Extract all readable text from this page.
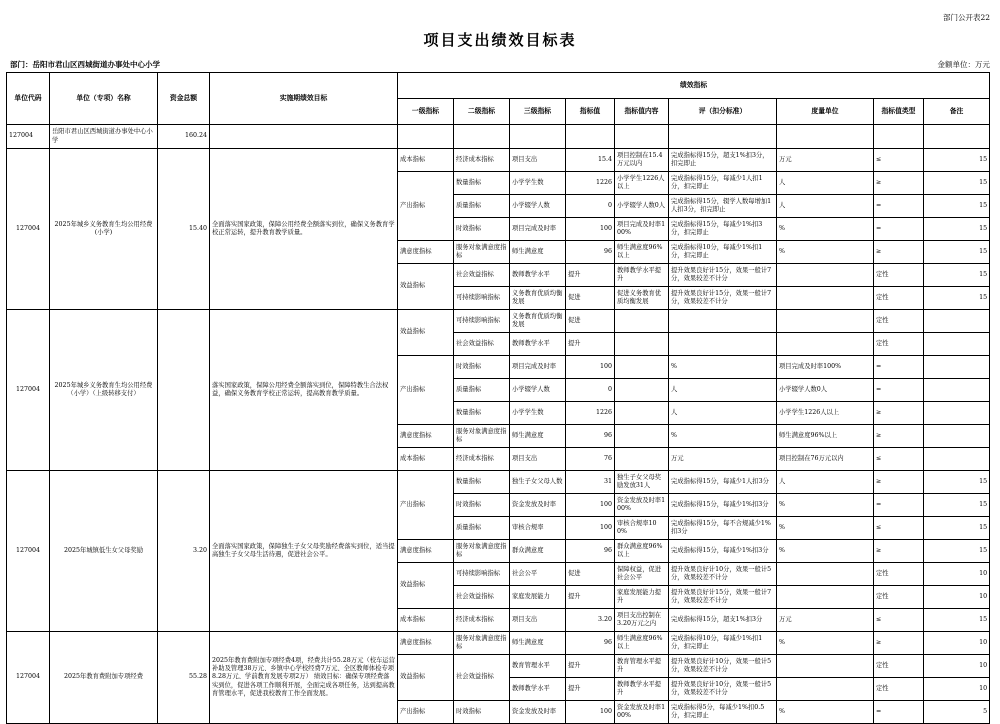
部门公开表22
项目支出绩效目标表
部门：岳阳市君山区西城街道办事处中心小学	金额单位：万元
单位代码	单位（专项）名称	资金总额	实施期绩效目标	绩效指标								
				一级指标	二级指标	三级指标	指标值	指标值内容	评（扣分标准）	度量单位	指标值类型	备注
127004	岳阳市君山区西城街道办事处中心小学	160.24										
127004	2025年城乡义务教育生均公用经费(小学)	15.40	全面落实国家政策，保障公用经费全额落实到位，确保义务教育学校正常运转，提升教育教学质量。	成本指标	经济成本指标	项目支出	15.4	项目控制在15.4万元以内	完成指标得15分，超支1%扣3分，扣完即止	万元	≤	15
				产出指标	数量指标	小学学生数	1226	小学学生1226人以上	完成指标得15分，每减少1人扣1分，扣完即止	人	≥	15
					质量指标	小学辍学人数	0	小学辍学人数0人	完成指标得15分，辍学人数每增加1人扣3分，扣完即止	人	=	15
					时效指标	项目完成及时率	100	项目完成及时率100%	完成指标得15分，每减少1%扣3分，扣完即止	%	=	15
				满意度指标	服务对象满意度指标	师生满意度	96	师生满意度96%以上	完成指标得10分，每减少1%扣1分，扣完即止	%	≥	15
				效益指标	社会效益指标	教师教学水平	提升	教师教学水平提升	提升效果良好计15分，效果一般计7分，效果较差不计分		定性	15
					可持续影响指标	义务教育优质均衡发展	促进	促进义务教育优质均衡发展	提升效果良好计15分，效果一般计7分，效果较差不计分		定性	15
127004	2025年城乡义务教育生均公用经费（小学）（上级转移支付）		落实国家政策，保障公用经费全额落实到位，保障特教生合法权益，确保义务教育学校正常运转，提高教育教学质量。	效益指标	可持续影响指标	义务教育优质均衡发展	促进				定性	
					社会效益指标	教师教学水平	提升				定性	
				产出指标	时效指标	项目完成及时率	100		%	项目完成及时率100%	=	
					质量指标	小学辍学人数	0		人	小学辍学人数0人	=	
					数量指标	小学学生数	1226		人	小学学生1226人以上	≥	
				满意度指标	服务对象满意度指标	师生满意度	96		%	师生满意度96%以上	≥	
				成本指标	经济成本指标	项目支出	76		万元	项目控制在76万元以内	≤	
127004	2025年城镇低生女父母奖励	3.20	全面落实国家政策，保障独生子女父母奖励经费落实到位，适当提高独生子女父母生活待遇，促进社会公平。	产出指标	数量指标	独生子女父母人数	31	独生子女父母奖励发放31人	完成指标得15分，每减少1人扣3分	人	≥	15
					时效指标	资金发放及时率	100	资金发放及时率100%	完成指标得15分，每减少1%扣3分	%	=	15
					质量指标	审核合规率	100	审核合规率100%	完成指标得15分，每不合规减少1%扣3分	%	≤	15
				满意度指标	服务对象满意度指标	群众满意度	96	群众满意度96%以上	完成指标得15分，每减少1%扣3分	%	≥	15
				效益指标	可持续影响指标	社会公平	促进	保障权益，促进社会公平	提升效果良好计10分，效果一般计5分，效果较差不计分		定性	10
					社会效益指标	家庭发展能力	提升	家庭发展能力提升	提升效果良好计15分，效果一般计7分，效果较差不计分		定性	10
				成本指标	经济成本指标	项目支出	3.20	项目支出控制在3.20万元之内	完成指标得15分，超支1%扣3分	万元	≤	15
127004	2025年教育费附加专项经费	55.28	2025年教育费附加专项经费4项，经费共计55.28万元（校车运营补助及管理38万元、乡镇中心学校经费7万元、全区教师体检专项8.28万元、学前教育发展专项2万） 绩效目标：确保专项经费落实到位，促进各项工作顺利开展，全面完成各项任务，达到提高教育管理水平，促进我校教育工作全面发展。	满意度指标	服务对象满意度指标	师生满意度	96	师生满意度96%以上	完成指标得10分，每减少1%扣1分，扣完即止	%	≥	10
				效益指标	社会效益指标	教育管理水平	提升	教育管理水平提升	提升效果良好计10分，效果一般计5分，效果较差不计分		定性	10
						教师教学水平	提升	教师教学水平提升	提升效果良好计10分，效果一般计5分，效果较差不计分		定性	10
				产出指标	时效指标	资金发放及时率	100	资金发放及时率100%	完成指标得5分，每减少1%扣0.5分，扣完即止	%	=	5
